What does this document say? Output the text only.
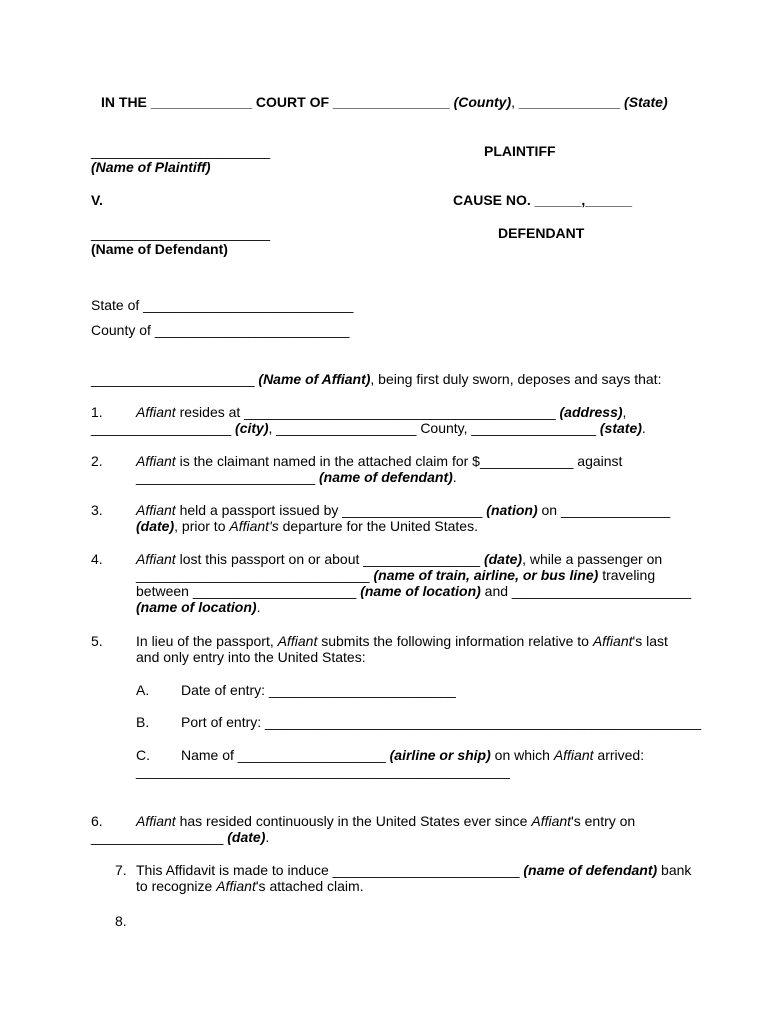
IN THE _____________ COURT OF _______________ (County), _____________ (State)
_______________________
(Name of Plaintiff)
PLAINTIFF
V.	CAUSE NO. ______,______
_______________________
(Name of Defendant)
DEFENDANT
State of ___________________________
County of _________________________
_____________________ (Name of Affiant), being first duly sworn, deposes and says that:
1. Affiant resides at ________________________________________ (address),
__________________ (city), __________________ County, ________________ (state).
2. Affiant is the claimant named in the attached claim for $____________ against
_______________________ (name of defendant).
3. Affiant held a passport issued by __________________ (nation) on ______________
(date), prior to Affiant's departure for the United States.
4. Affiant lost this passport on or about _______________ (date), while a passenger on
______________________________ (name of train, airline, or bus line) traveling
between _____________________ (name of location) and _______________________
(name of location).
5. In lieu of the passport, Affiant submits the following information relative to Affiant's last
and only entry into the United States:
A. Date of entry: ________________________
B. Port of entry: ________________________________________________________
C. Name of ___________________ (airline or ship) on which Affiant arrived:
________________________________________________
6. Affiant has resided continuously in the United States ever since Affiant's entry on
_________________ (date).
7. This Affidavit is made to induce ________________________ (name of defendant) bank
to recognize Affiant's attached claim.
8.
